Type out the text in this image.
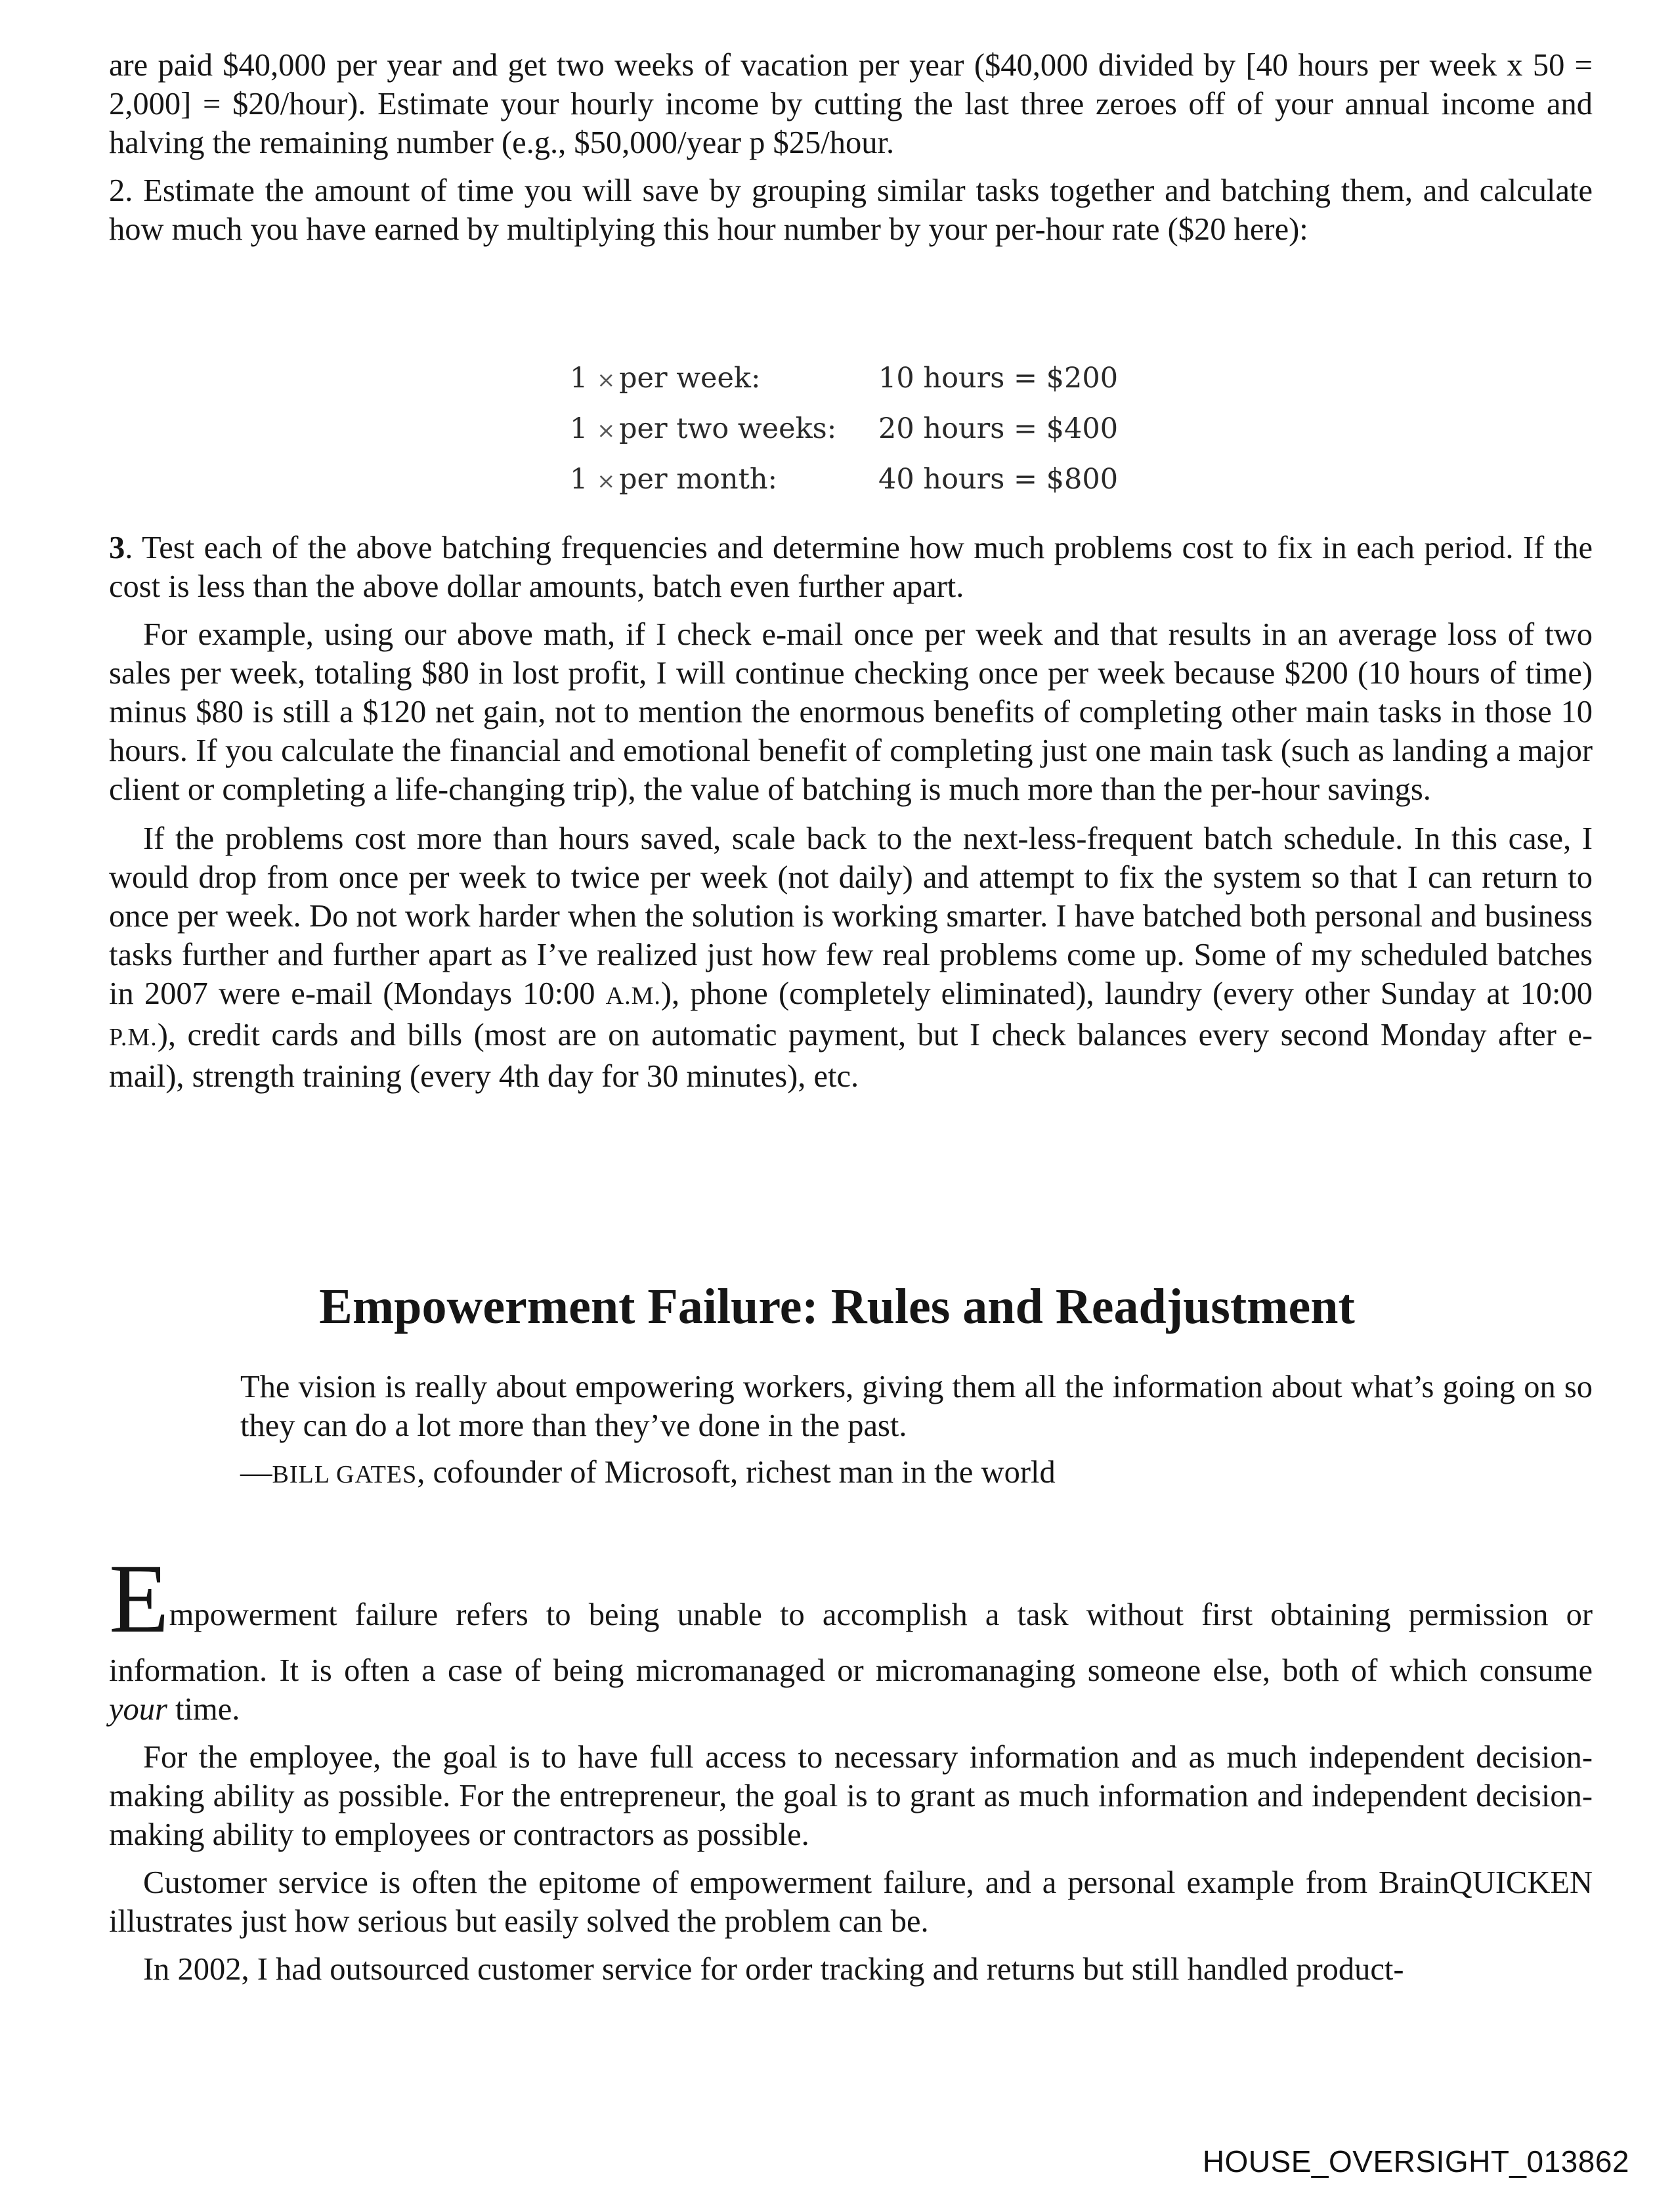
are paid $40,000 per year and get two weeks of vacation per year ($40,000 divided by [40 hours per week x 50 = 2,000] = $20/hour). Estimate your hourly income by cutting the last three zeroes off of your annual income and halving the remaining number (e.g., $50,000/year p $25/hour.

2. Estimate the amount of time you will save by grouping similar tasks together and batching them, and calculate how much you have earned by multiplying this hour number by your per-hour rate ($20 here):

1 × per week:	10 hours = $200
1 × per two weeks:	20 hours = $400
1 × per month:	40 hours = $800

3. Test each of the above batching frequencies and determine how much problems cost to fix in each period. If the cost is less than the above dollar amounts, batch even further apart.

For example, using our above math, if I check e-mail once per week and that results in an average loss of two sales per week, totaling $80 in lost profit, I will continue checking once per week because $200 (10 hours of time) minus $80 is still a $120 net gain, not to mention the enormous benefits of completing other main tasks in those 10 hours. If you calculate the financial and emotional benefit of completing just one main task (such as landing a major client or completing a life-changing trip), the value of batching is much more than the per-hour savings.

If the problems cost more than hours saved, scale back to the next-less-frequent batch schedule. In this case, I would drop from once per week to twice per week (not daily) and attempt to fix the system so that I can return to once per week. Do not work harder when the solution is working smarter. I have batched both personal and business tasks further and further apart as I’ve realized just how few real problems come up. Some of my scheduled batches in 2007 were e-mail (Mondays 10:00 A.M.), phone (completely eliminated), laundry (every other Sunday at 10:00 P.M.), credit cards and bills (most are on automatic payment, but I check balances every second Monday after e-mail), strength training (every 4th day for 30 minutes), etc.

Empowerment Failure: Rules and Readjustment

The vision is really about empowering workers, giving them all the information about what’s going on so they can do a lot more than they’ve done in the past.

—BILL GATES, cofounder of Microsoft, richest man in the world

E mpowerment failure refers to being unable to accomplish a task without first obtaining permission or

information. It is often a case of being micromanaged or micromanaging someone else, both of which consume your time.

For the employee, the goal is to have full access to necessary information and as much independent decision-making ability as possible. For the entrepreneur, the goal is to grant as much information and independent decision-making ability to employees or contractors as possible.

Customer service is often the epitome of empowerment failure, and a personal example from BrainQUICKEN illustrates just how serious but easily solved the problem can be.

In 2002, I had outsourced customer service for order tracking and returns but still handled product-

HOUSE_OVERSIGHT_013862
